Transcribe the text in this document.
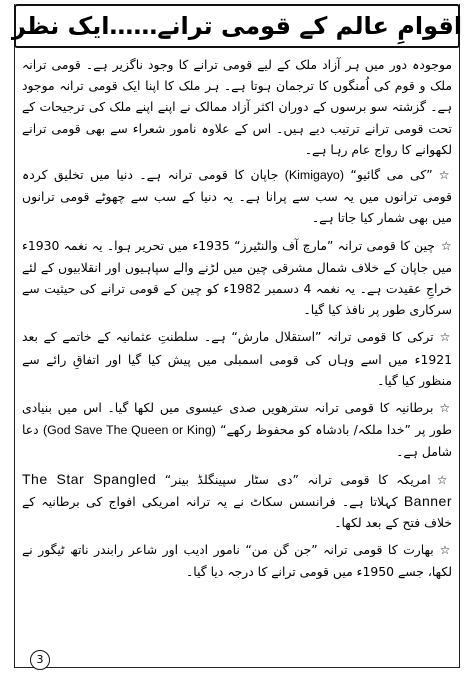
اقوامِ عالم کے قومی ترانے……ایک نظر

موجودہ دور میں ہر آزاد ملک کے لیے قومی ترانے کا وجود ناگزیر ہے۔ قومی ترانہ ملک و قوم کی اُمنگوں کا ترجمان ہوتا ہے۔ ہر ملک کا اپنا ایک قومی ترانہ موجود ہے۔ گزشتہ سو برسوں کے دوران اکثر آزاد ممالک نے اپنے اپنے ملک کی ترجیحات کے تحت قومی ترانے ترتیب دیے ہیں۔ اس کے علاوہ نامور شعراء سے بھی قومی ترانے لکھوانے کا رواج عام رہا ہے۔

☆”کی می گائیو“ (Kimigayo) جاپان کا قومی ترانہ ہے۔ دنیا میں تخلیق کردہ قومی ترانوں میں یہ سب سے پرانا ہے۔ یہ دنیا کے سب سے چھوٹے قومی ترانوں میں بھی شمار کیا جاتا ہے۔

☆چین کا قومی ترانہ ”مارچ آف والنٹیرز“ 1935ء میں تحریر ہوا۔ یہ نغمہ 1930ء میں جاپان کے خلاف شمال مشرقی چین میں لڑنے والے سپاہیوں اور انقلابیوں کے لئے خراجِ عقیدت ہے۔ یہ نغمہ 4 دسمبر 1982ء کو چین کے قومی ترانے کی حیثیت سے سرکاری طور پر نافذ کیا گیا۔

☆ترکی کا قومی ترانہ ”استقلال مارش“ ہے۔ سلطنتِ عثمانیہ کے خاتمے کے بعد 1921ء میں اسے وہاں کی قومی اسمبلی میں پیش کیا گیا اور اتفاقِ رائے سے منظور کیا گیا۔

☆برطانیہ کا قومی ترانہ سترھویں صدی عیسوی میں لکھا گیا۔ اس میں بنیادی طور پر ”خدا ملکہ/ بادشاہ کو محفوظ رکھے“ (God Save The Queen or King) دعا شامل ہے۔

☆امریکہ کا قومی ترانہ ”دی سٹار سپینگلڈ بینر“ The Star Spangled Banner کہلاتا ہے۔ فرانسس سکاٹ نے یہ ترانہ امریکی افواج کی برطانیہ کے خلاف فتح کے بعد لکھا۔

☆بھارت کا قومی ترانہ ”جن گن من“ نامور ادیب اور شاعر رابندر ناتھ ٹیگور نے لکھا، جسے 1950ء میں قومی ترانے کا درجہ دیا گیا۔

3
